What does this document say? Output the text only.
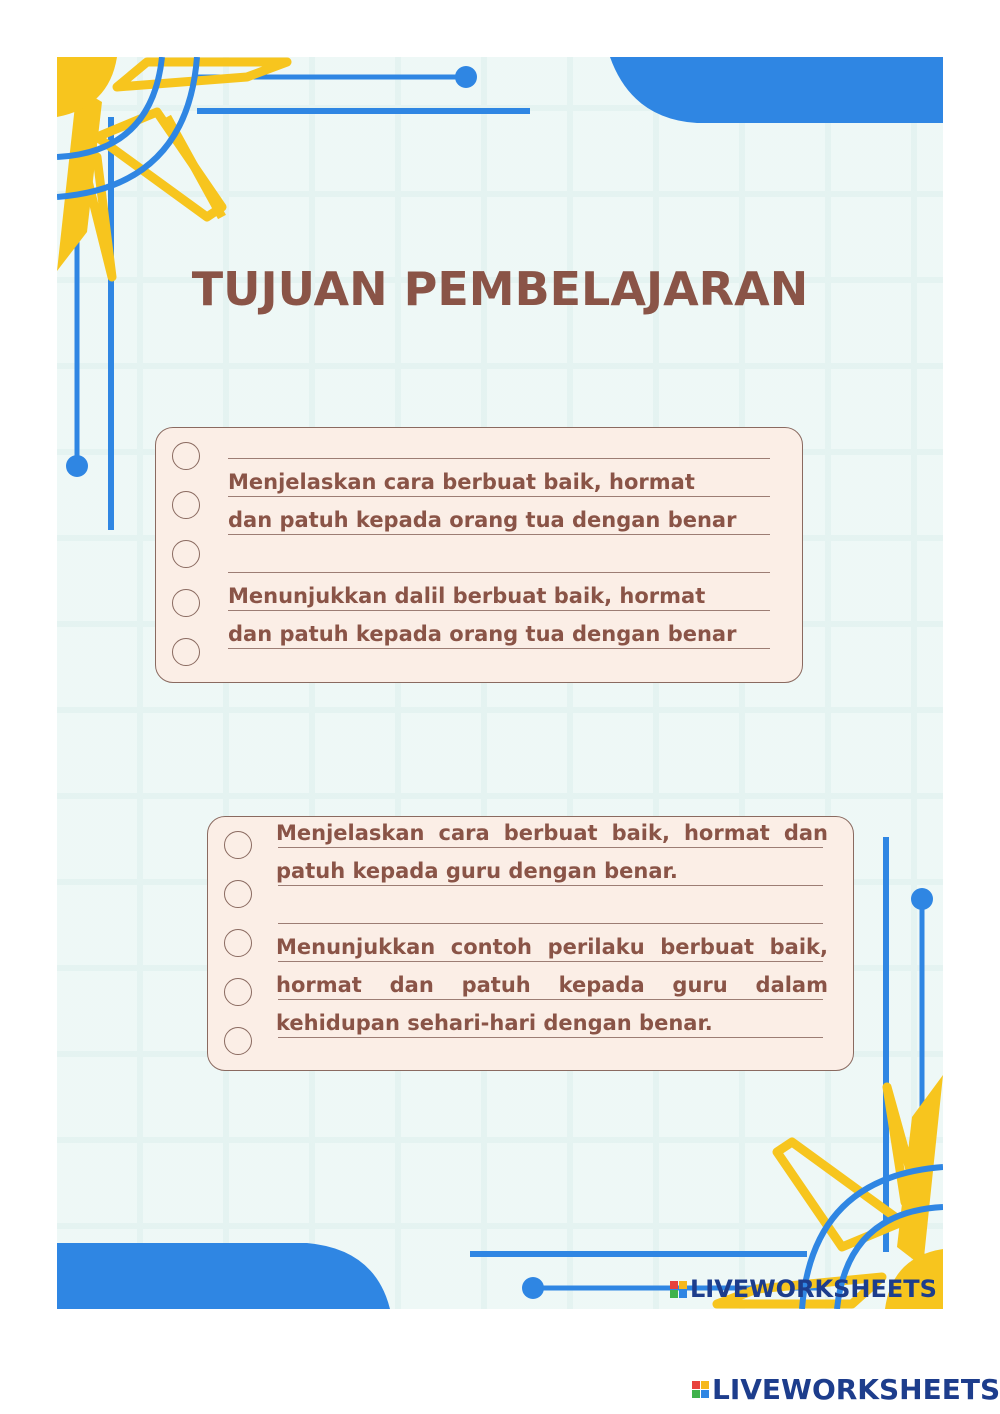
LIVEWORKSHEETS
TUJUAN PEMBELAJARAN
Menjelaskan cara berbuat baik, hormat
dan patuh kepada orang tua dengan benar
Menunjukkan dalil berbuat baik, hormat
dan patuh kepada orang tua dengan benar
Menjelaskan cara berbuat baik, hormat dan patuh kepada guru dengan benar.
Menunjukkan contoh perilaku berbuat baik, hormat dan patuh kepada guru dalam kehidupan sehari-hari dengan benar.
LIVEWORKSHEETS
